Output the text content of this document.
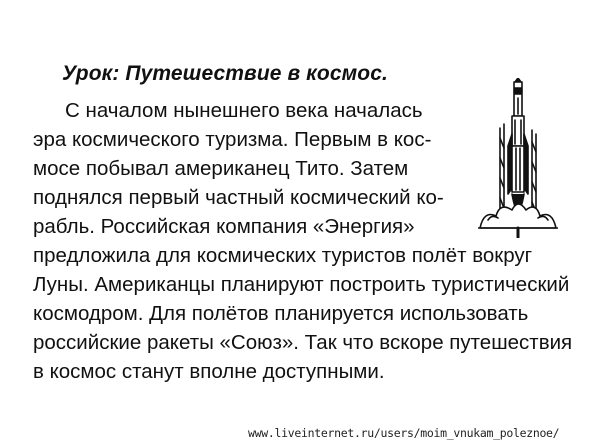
Урок: Путешествие в космос.
С началом нынешнего века началась
эра космического туризма. Первым в кос-
мосе побывал американец Тито. Затем
поднялся первый частный космический ко-
рабль. Российская компания «Энергия»
предложила для космических туристов полёт вокруг
Луны. Американцы планируют построить туристический
космодром. Для полётов планируется использовать
российские ракеты «Союз». Так что вскоре путешествия
в космос станут вполне доступными.
www.liveinternet.ru/users/moim_vnukam_poleznoe/
